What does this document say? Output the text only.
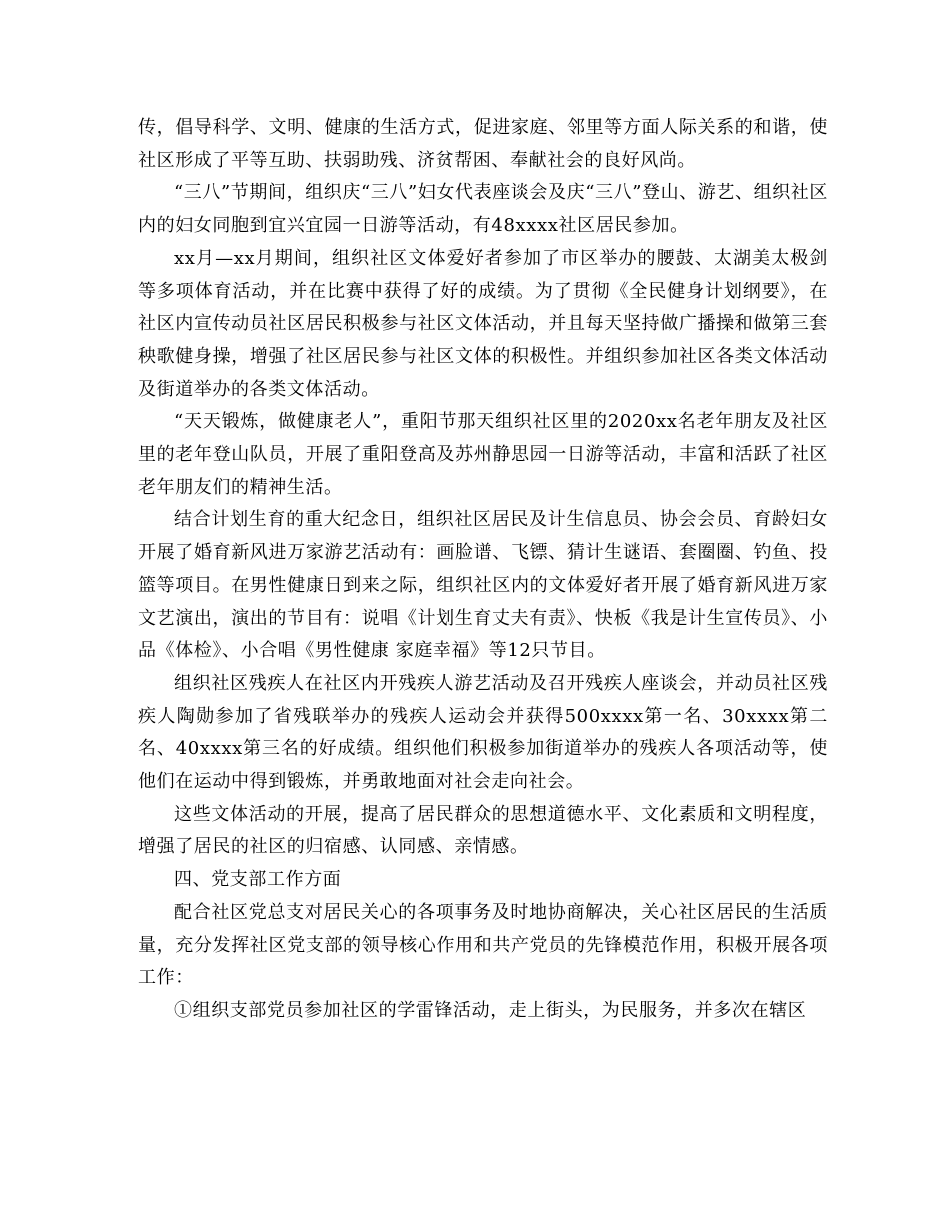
传，倡导科学、文明、健康的生活方式，促进家庭、邻里等方面人际关系的和谐，使社区形成了平等互助、扶弱助残、济贫帮困、奉献社会的良好风尚。

“三八”节期间，组织庆“三八”妇女代表座谈会及庆“三八”登山、游艺、组织社区内的妇女同胞到宜兴宜园一日游等活动，有48xxxx社区居民参加。

xx月—xx月期间，组织社区文体爱好者参加了市区举办的腰鼓、太湖美太极剑等多项体育活动，并在比赛中获得了好的成绩。为了贯彻《全民健身计划纲要》，在社区内宣传动员社区居民积极参与社区文体活动，并且每天坚持做广播操和做第三套秧歌健身操，增强了社区居民参与社区文体的积极性。并组织参加社区各类文体活动及街道举办的各类文体活动。

“天天锻炼，做健康老人”，重阳节那天组织社区里的2020xx名老年朋友及社区里的老年登山队员，开展了重阳登高及苏州静思园一日游等活动，丰富和活跃了社区老年朋友们的精神生活。

结合计划生育的重大纪念日，组织社区居民及计生信息员、协会会员、育龄妇女开展了婚育新风进万家游艺活动有：画脸谱、飞镖、猜计生谜语、套圈圈、钓鱼、投篮等项目。在男性健康日到来之际，组织社区内的文体爱好者开展了婚育新风进万家文艺演出，演出的节目有：说唱《计划生育丈夫有责》、快板《我是计生宣传员》、小品《体检》、小合唱《男性健康 家庭幸福》等12只节目。

组织社区残疾人在社区内开残疾人游艺活动及召开残疾人座谈会，并动员社区残疾人陶勋参加了省残联举办的残疾人运动会并获得500xxxx第一名、30xxxx第二名、40xxxx第三名的好成绩。组织他们积极参加街道举办的残疾人各项活动等，使他们在运动中得到锻炼，并勇敢地面对社会走向社会。

这些文体活动的开展，提高了居民群众的思想道德水平、文化素质和文明程度，增强了居民的社区的归宿感、认同感、亲情感。

四、党支部工作方面

配合社区党总支对居民关心的各项事务及时地协商解决，关心社区居民的生活质量，充分发挥社区党支部的领导核心作用和共产党员的先锋模范作用，积极开展各项工作：

①组织支部党员参加社区的学雷锋活动，走上街头，为民服务，并多次在辖区
